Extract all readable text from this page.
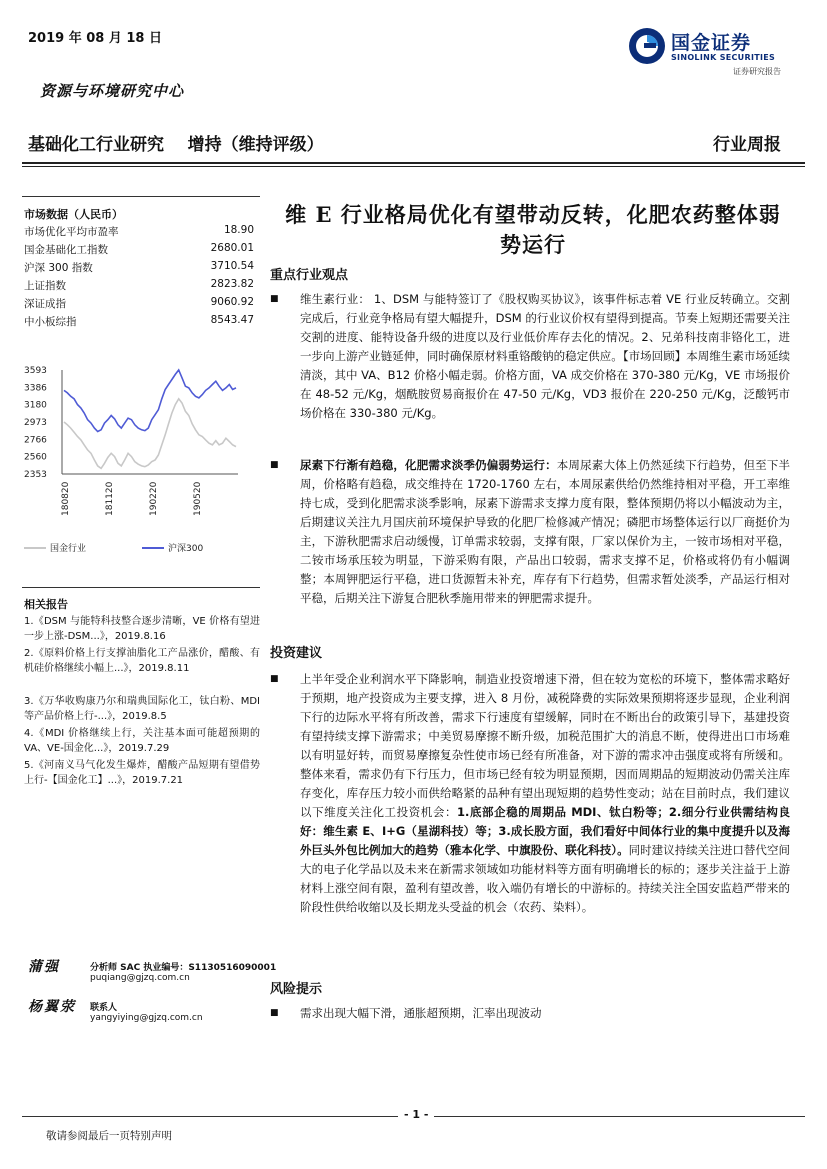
2019 年 08 月 18 日
资源与环境研究中心
基础化工行业研究    增持（维持评级）	行业周报
国金证券
SINOLINK SECURITIES
证券研究报告
市场数据（人民币）
市场优化平均市盈率	18.90
国金基础化工指数	2680.01
沪深 300 指数	3710.54
上证指数	2823.82
深证成指	9060.92
中小板综指	8543.47
3593
3386
3180
2973
2766
2560
2353
180820	181120	190220	190520
国金行业	沪深300
相关报告
1.《DSM 与能特科技整合逐步清晰，VE 价格有望进一步上涨-DSM...》，2019.8.16
2.《原料价格上行支撑油脂化工产品涨价，醋酸、有机硅价格继续小幅上...》，2019.8.11
3.《万华收购康乃尔和瑞典国际化工，钛白粉、MDI 等产品价格上行-...》，2019.8.5
4.《MDI 价格继续上行，关注基本面可能超预期的 VA、VE-国金化...》，2019.7.29
5.《河南义马气化发生爆炸，醋酸产品短期有望借势上行-【国金化工】...》，2019.7.21
蒲强	分析师 SAC 执业编号：S1130516090001
puqiang@gjzq.com.cn
杨翼荥 联系人
yangyiying@gjzq.com.cn
维 E 行业格局优化有望带动反转，化肥农药整体弱势运行
重点行业观点
■ 维生素行业： 1、DSM 与能特签订了《股权购买协议》，该事件标志着 VE 行业反转确立。交割完成后，行业竞争格局有望大幅提升，DSM 的行业议价权有望得到提高。节奏上短期还需要关注交割的进度、能特设备升级的进度以及行业低价库存去化的情况。2、兄弟科技南非铬化工，进一步向上游产业链延伸，同时确保原材料重铬酸钠的稳定供应。【市场回顾】本周维生素市场延续清淡，其中 VA、B12 价格小幅走弱。价格方面，VA 成交价格在 370-380 元/Kg，VE 市场报价在 48-52 元/Kg，烟酰胺贸易商报价在 47-50 元/Kg，VD3 报价在 220-250 元/Kg，泛酸钙市场价格在 330-380 元/Kg。
■ 尿素下行渐有趋稳，化肥需求淡季仍偏弱势运行：本周尿素大体上仍然延续下行趋势，但至下半周，价格略有趋稳，成交维持在 1720-1760 左右，本周尿素供给仍然维持相对平稳，开工率维持七成，受到化肥需求淡季影响，尿素下游需求支撑力度有限，整体预期仍将以小幅波动为主，后期建议关注九月国庆前环境保护导致的化肥厂检修减产情况；磷肥市场整体运行以厂商挺价为主，下游秋肥需求启动缓慢，订单需求较弱，支撑有限，厂家以保价为主，一铵市场相对平稳，二铵市场承压较为明显，下游采购有限，产品出口较弱，需求支撑不足，价格或将仍有小幅调整；本周钾肥运行平稳，进口货源暂未补充，库存有下行趋势，但需求暂处淡季，产品运行相对平稳，后期关注下游复合肥秋季施用带来的钾肥需求提升。
投资建议
■ 上半年受企业利润水平下降影响，制造业投资增速下滑，但在较为宽松的环境下，整体需求略好于预期，地产投资成为主要支撑，进入 8 月份，减税降费的实际效果预期将逐步显现，企业利润下行的边际水平将有所改善，需求下行速度有望缓解，同时在不断出台的政策引导下，基建投资有望持续支撑下游需求；中美贸易摩擦不断升级，加税范围扩大的消息不断，使得进出口市场难以有明显好转，而贸易摩擦复杂性使市场已经有所准备，对下游的需求冲击强度或将有所缓和。整体来看，需求仍有下行压力，但市场已经有较为明显预期，因而周期品的短期波动仍需关注库存变化，库存压力较小而供给略紧的品种有望出现短期的趋势性变动；站在目前时点，我们建议以下维度关注化工投资机会：1.底部企稳的周期品 MDI、钛白粉等；2.细分行业供需结构良好：维生素 E、I+G（星湖科技）等；3.成长股方面，我们看好中间体行业的集中度提升以及海外巨头外包比例加大的趋势（雅本化学、中旗股份、联化科技）。同时建议持续关注进口替代空间大的电子化学品以及未来在新需求领域如功能材料等方面有明确增长的标的；逐步关注益于上游材料上涨空间有限，盈利有望改善，收入端仍有增长的中游标的。持续关注全国安监趋严带来的阶段性供给收缩以及长期龙头受益的机会（农药、染料）。
风险提示
■ 需求出现大幅下滑，通胀超预期，汇率出现波动
- 1 -
敬请参阅最后一页特别声明
